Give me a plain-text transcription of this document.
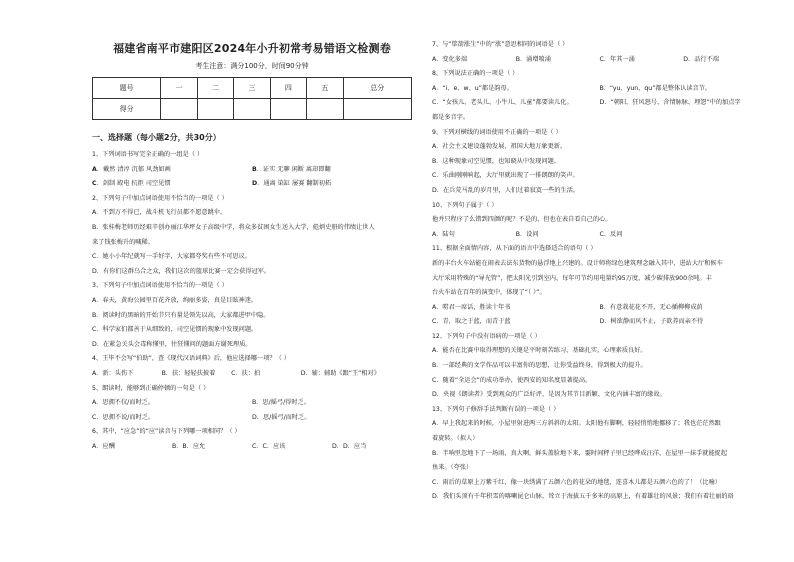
福建省南平市建阳区2024年小升初常考易错语文检测卷
考生注意：满分100分，时间90分钟
题号	一	二	三	四	五	总分
得分						
一、选择题（每小题2分，共30分）
1、下列词语书写完全正确的一组是（ ）
A．戴然 清淳 沉郁 风劲如画	B．证实 无聊 闲断 离却即翻
C．剑制 殿电 抗拒 司空见惯	D．通离 染缸 屡赛 翻制初拓
2、下列句子中加点词语使用不恰当的一项是（ ）
A．不到万不得已，战斗机飞行员都不愿意跳伞。
B．张桂梅老师历经艰辛创办丽江华坪女子高级中学，将众多贫困女生送入大学，彪炳史册的伟绩让世人
来了钱张梅升的喊稀。
C．她小小年纪就写一手好字，大家都夸奖有些不可思议。
D．有你们这群乌合之众，我们这次的篮球比赛一定会获得冠军。
3、下列句子中加点词语使用不恰当的一项是（ ）
A．春天，黄海公园里百花齐放，绚丽多姿，真是目眩神迷。
B．阅读时的黑暗的开始节只有量是领先以高，大家都进甲中隐。
C．科学家们都善于从细致的，司空见惯的现象中发现问题。
D．在紧急关头会毒称懂里，往狂懂问的题面方谢死理质。
4、王毕不会写“伯助”，查《现代汉语词典》后，他应选择哪一项？（ ）
A．新：头伤下	B．扶：轻轻扶披着	C．扶：拍	D．辅：辅助《跟“王”相对》
5、朗读时，能够到正确停顿的一句是（ ）
A．思拥不仅/而时乏。	B．思/摇弓/得时乏。
C．思拥不说/而时乏。	D．思/摇弓/而时乏。
6、其中，“应急”的“应”读音与下列哪一项相同？（ ）
A．应酬	B．B．应允	C．C．应该	D．D．应当
7、与“筚箭涨生”中的“涨”意思相同的词语是（ ）
A．变化多端	B．涌增喷涌	C．年其一涌	D．品行不端
8、下列说法正确的一项是（ ）
A．“i、e、w、u”都是韵母。	B．“yu、yun、qu”都是整体认读音节。
C．“女孩儿、老头儿、小牛儿、儿童”都要读儿化。	D．“朝阳、狂风怒号、含情脉脉、埋怨”中的加点字
都是多音字。
9、下列对横线的词语使用不正确的一项是（ ）
A．社会主义建设蓬勃发展，祖国大地万象更新。
B．这种现象司空见惯，也知晓从中发现问题。
C．乐曲刚刚响起，大厅里就出现了一排朗朗的笑声。
D．在兵荒马乱的岁月里，人们过着寂寞一些的生活。
10、下列句子属于（ ）
他并只程序了么错到四颜的呢？不是的，但也在表自看自己的心。
A．陆句	B．设问	C．反问
11、根据全面情内容，从下面的语言中选择适合的语句（ ）
新的丰台火车站能在闹表去法东货物的悬浮地上兴建的。设计师将绿色建筑理念融入其中，进站大厅和候车
大厅采用特殊的“导光管”，把太阳光引到室内，每年可节约用电量约95万度，减少碳排放900余吨。丰
台火车站在百年的演变中，体现了“（ ）”。
A．唠君一席话，胜读十年书	B．有意栽花花不开，无心插柳柳成荫
C．青，取之于蓝，而青于蓝	D．树欲静而风不止，子欲养而亲不待
12、下列句子中没有语病的一项是（ ）
A．能否在比赛中取得理想的关键是平时刻苦练习，基础扎实，心理素质良好。
B．一部经典的文学作品可以丰富你的思想，让你受益终身，得到极大的提升。
C．随着“全运会”的成功举办，使西安的知名度显著提高。
D．央视《朗读者》受到观众的广泛好评，是因为其节目新颖、文化内涵丰富的缘故。
13、下列句子修辞手法判断有误的一项是（ ）
A．早上我起来的时候，小屋里射进两三方斜斜的太阳。太阳他有脚啊，轻轻悄悄地挪移了；我也茫茫然跟
着旋转。（拟人）
B．半响里忽地下了一场雨，真大啊，鲜头盖脸地下来，霎时间秤子里已经哗成汪洋，在屋里一抹手就能捉起
鱼来。（夸张）
C．雨后的草原上万紫千红，像一块绣满了五颜六色的花朵的地毯，连喜木儿都是五颜六色的了！（比喻）
D．我们头顶有千年积雪的喀喇昆仑山脉，耸立于海拔五千多米的高原上，有着雄壮的风景；我们有着壮丽的珞
